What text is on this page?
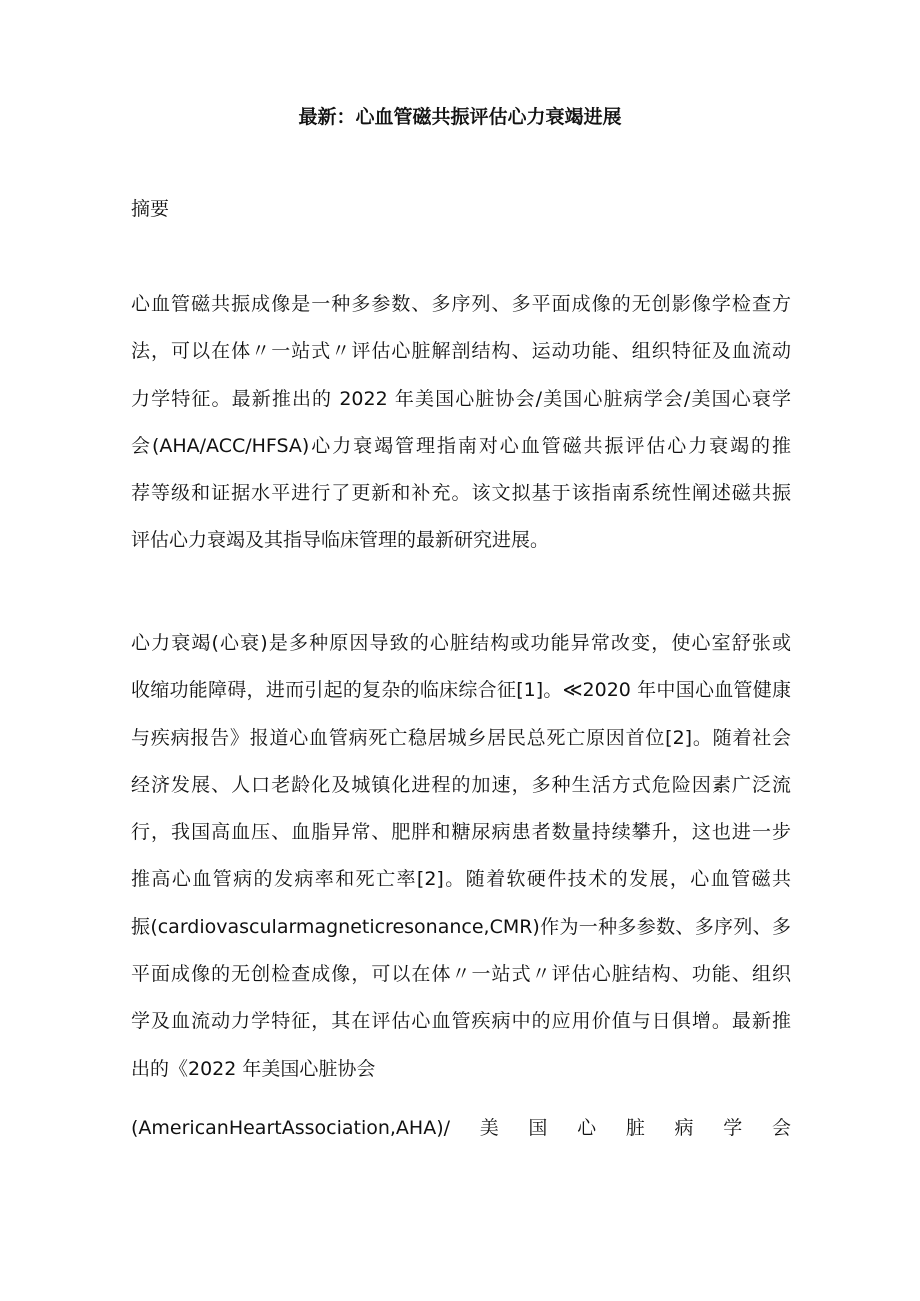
最新：心血管磁共振评估心力衰竭进展
摘要

心血管磁共振成像是一种多参数、多序列、多平面成像的无创影像学检查方
法，可以在体〃一站式〃评估心脏解剖结构、运动功能、组织特征及血流动
力学特征。最新推出的 2022 年美国心脏协会/美国心脏病学会/美国心衰学
会(AHA/ACC/HFSA)心力衰竭管理指南对心血管磁共振评估心力衰竭的推
荐等级和证据水平进行了更新和补充。该文拟基于该指南系统性阐述磁共振
评估心力衰竭及其指导临床管理的最新研究进展。

心力衰竭(心衰)是多种原因导致的心脏结构或功能异常改变，使心室舒张或
收缩功能障碍，进而引起的复杂的临床综合征[1]。≪2020 年中国心血管健康
与疾病报告》报道心血管病死亡稳居城乡居民总死亡原因首位[2]。随着社会
经济发展、人口老龄化及城镇化进程的加速，多种生活方式危险因素广泛流
行，我国高血压、血脂异常、肥胖和糖尿病患者数量持续攀升，这也进一步
推高心血管病的发病率和死亡率[2]。随着软硬件技术的发展，心血管磁共
振(cardiovascularmagneticresonance,CMR)作为一种多参数、多序列、多
平面成像的无创检查成像，可以在体〃一站式〃评估心脏结构、功能、组织
学及血流动力学特征，其在评估心血管疾病中的应用价值与日俱增。最新推
出的《2022 年美国心脏协会

(AmericanHeartAssociation,AHA)/ 美 国 心 脏 病 学 会
